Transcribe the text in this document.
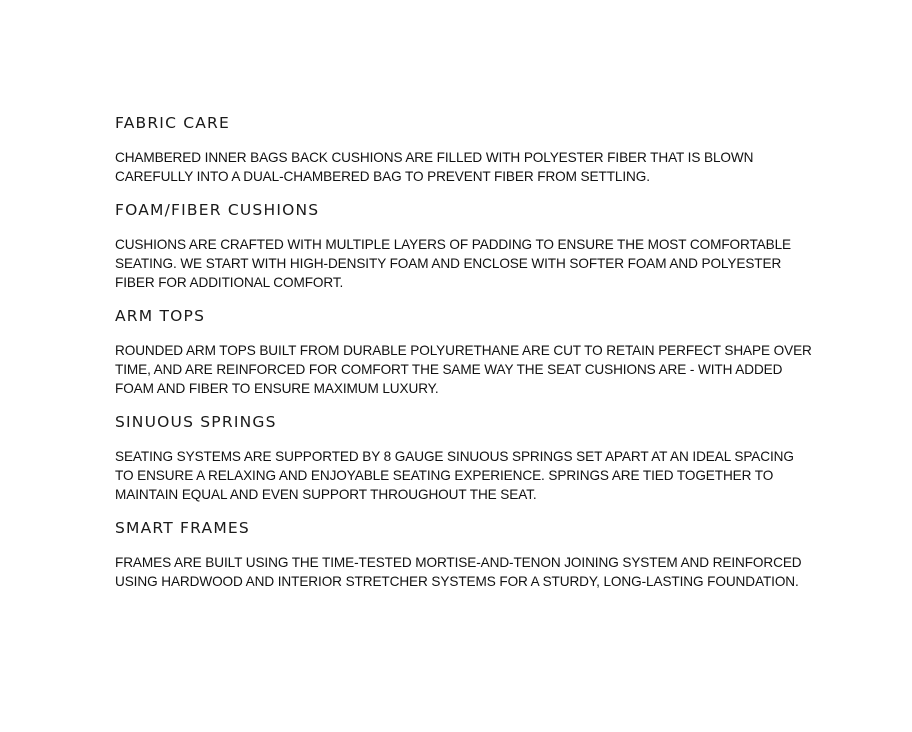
FABRIC CARE

CHAMBERED INNER BAGS BACK CUSHIONS ARE FILLED WITH POLYESTER FIBER THAT IS BLOWN CAREFULLY INTO A DUAL-CHAMBERED BAG TO PREVENT FIBER FROM SETTLING.

FOAM/FIBER CUSHIONS

CUSHIONS ARE CRAFTED WITH MULTIPLE LAYERS OF PADDING TO ENSURE THE MOST COMFORTABLE SEATING. WE START WITH HIGH-DENSITY FOAM AND ENCLOSE WITH SOFTER FOAM AND POLYESTER FIBER FOR ADDITIONAL COMFORT.

ARM TOPS

ROUNDED ARM TOPS BUILT FROM DURABLE POLYURETHANE ARE CUT TO RETAIN PERFECT SHAPE OVER TIME, AND ARE REINFORCED FOR COMFORT THE SAME WAY THE SEAT CUSHIONS ARE - WITH ADDED FOAM AND FIBER TO ENSURE MAXIMUM LUXURY.

SINUOUS SPRINGS

SEATING SYSTEMS ARE SUPPORTED BY 8 GAUGE SINUOUS SPRINGS SET APART AT AN IDEAL SPACING TO ENSURE A RELAXING AND ENJOYABLE SEATING EXPERIENCE. SPRINGS ARE TIED TOGETHER TO MAINTAIN EQUAL AND EVEN SUPPORT THROUGHOUT THE SEAT.

SMART FRAMES

FRAMES ARE BUILT USING THE TIME-TESTED MORTISE-AND-TENON JOINING SYSTEM AND REINFORCED USING HARDWOOD AND INTERIOR STRETCHER SYSTEMS FOR A STURDY, LONG-LASTING FOUNDATION.
